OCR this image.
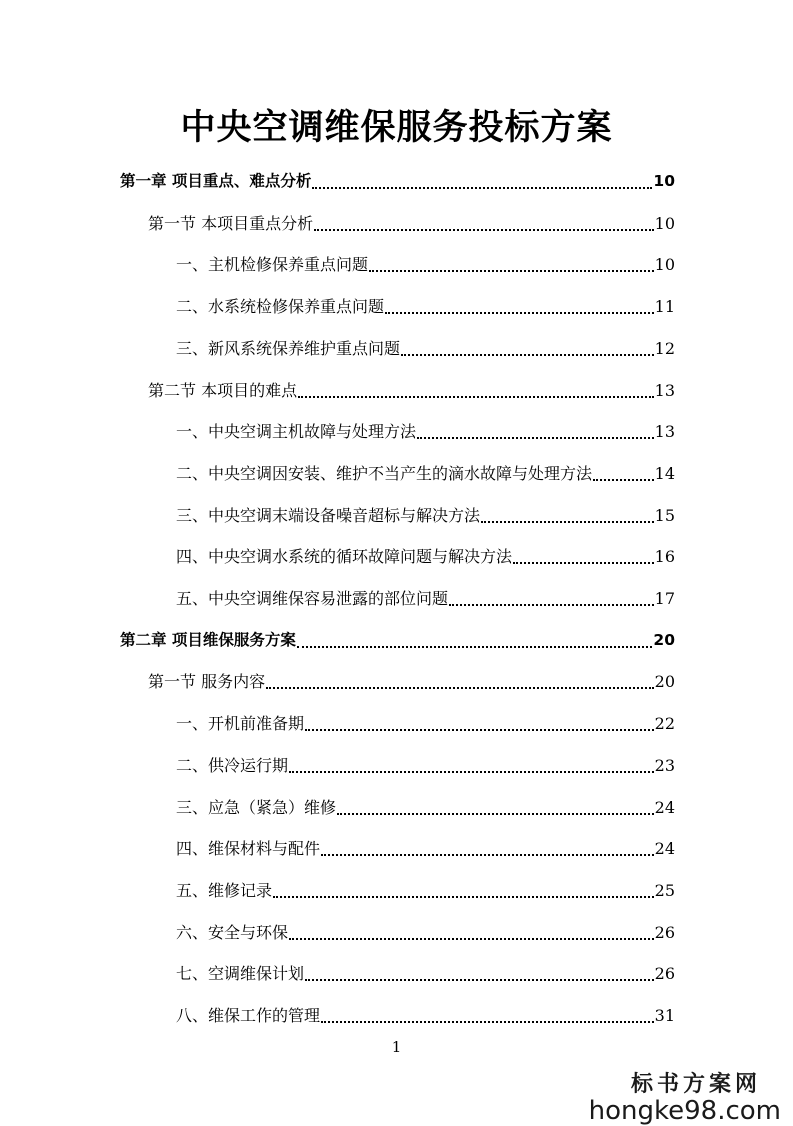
中央空调维保服务投标方案
第一章 项目重点、难点分析	10
第一节 本项目重点分析	10
一、主机检修保养重点问题	10
二、水系统检修保养重点问题	11
三、新风系统保养维护重点问题	12
第二节 本项目的难点	13
一、中央空调主机故障与处理方法	13
二、中央空调因安装、维护不当产生的滴水故障与处理方法	14
三、中央空调末端设备噪音超标与解决方法	15
四、中央空调水系统的循环故障问题与解决方法	16
五、中央空调维保容易泄露的部位问题	17
第二章 项目维保服务方案	20
第一节 服务内容	20
一、开机前准备期	22
二、供冷运行期	23
三、应急（紧急）维修	24
四、维保材料与配件	24
五、维修记录	25
六、安全与环保	26
七、空调维保计划	26
八、维保工作的管理	31
1
标书方案网
hongke98.com
